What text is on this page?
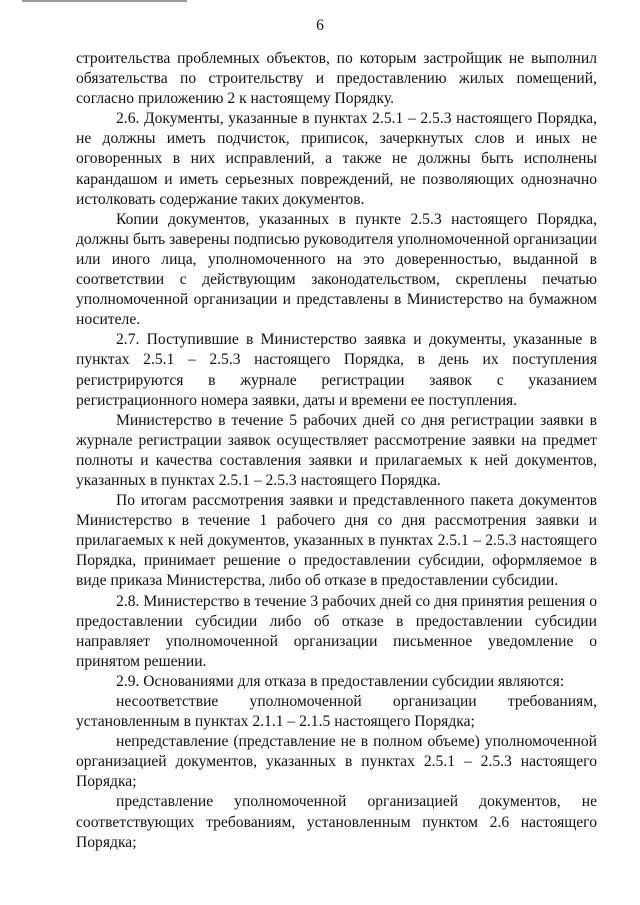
6

строительства проблемных объектов, по которым застройщик не выполнил обязательства по строительству и предоставлению жилых помещений, согласно приложению 2 к настоящему Порядку.

2.6. Документы, указанные в пунктах 2.5.1 – 2.5.3 настоящего Порядка, не должны иметь подчисток, приписок, зачеркнутых слов и иных не оговоренных в них исправлений, а также не должны быть исполнены карандашом и иметь серьезных повреждений, не позволяющих однозначно истолковать содержание таких документов.

Копии документов, указанных в пункте 2.5.3 настоящего Порядка, должны быть заверены подписью руководителя уполномоченной организации или иного лица, уполномоченного на это доверенностью, выданной в соответствии с действующим законодательством, скреплены печатью уполномоченной организации и представлены в Министерство на бумажном носителе.

2.7. Поступившие в Министерство заявка и документы, указанные в пунктах 2.5.1 – 2.5.3 настоящего Порядка, в день их поступления регистрируются в журнале регистрации заявок с указанием регистрационного номера заявки, даты и времени ее поступления.

Министерство в течение 5 рабочих дней со дня регистрации заявки в журнале регистрации заявок осуществляет рассмотрение заявки на предмет полноты и качества составления заявки и прилагаемых к ней документов, указанных в пунктах 2.5.1 – 2.5.3 настоящего Порядка.

По итогам рассмотрения заявки и представленного пакета документов Министерство в течение 1 рабочего дня со дня рассмотрения заявки и прилагаемых к ней документов, указанных в пунктах 2.5.1 – 2.5.3 настоящего Порядка, принимает решение о предоставлении субсидии, оформляемое в виде приказа Министерства, либо об отказе в предоставлении субсидии.

2.8. Министерство в течение 3 рабочих дней со дня принятия решения о предоставлении субсидии либо об отказе в предоставлении субсидии направляет уполномоченной организации письменное уведомление о принятом решении.

2.9. Основаниями для отказа в предоставлении субсидии являются:

несоответствие уполномоченной организации требованиям, установленным в пунктах 2.1.1 – 2.1.5 настоящего Порядка;

непредставление (представление не в полном объеме) уполномоченной организацией документов, указанных в пунктах 2.5.1 – 2.5.3 настоящего Порядка;

представление уполномоченной организацией документов, не соответствующих требованиям, установленным пунктом 2.6 настоящего Порядка;
